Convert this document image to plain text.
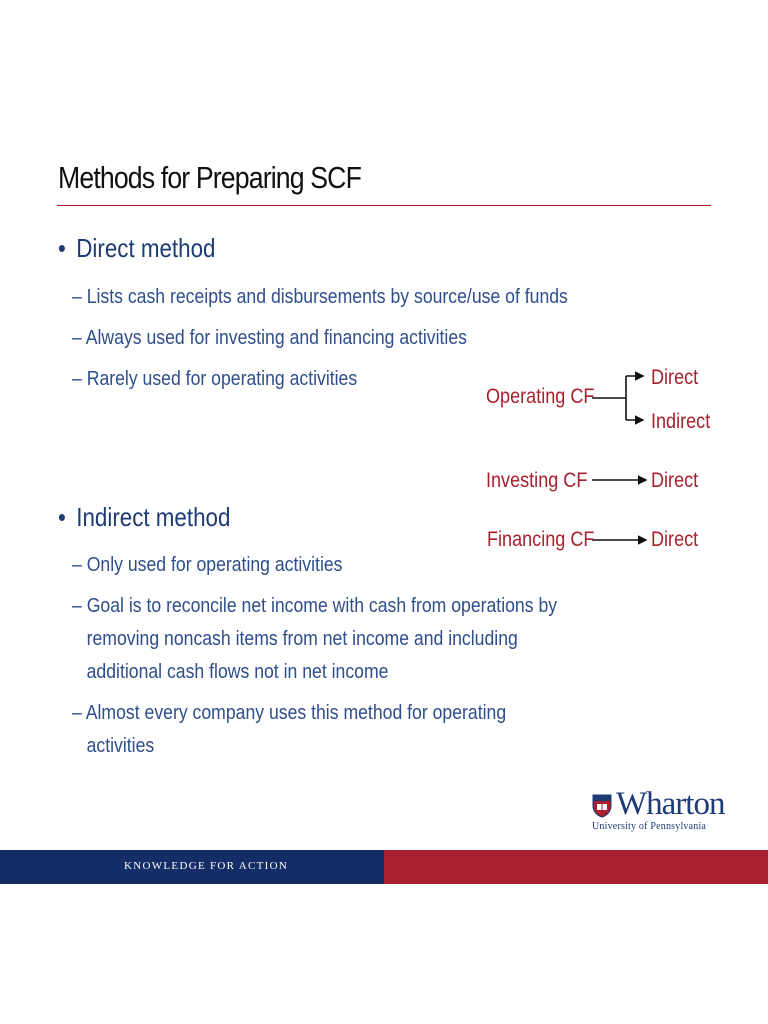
Methods for Preparing SCF
• Direct method
– Lists cash receipts and disbursements by source/use of funds
– Always used for investing and financing activities
– Rarely used for operating activities
• Indirect method
– Only used for operating activities
– Goal is to reconcile net income with cash from operations by
removing noncash items from net income and including
additional cash flows not in net income
– Almost every company uses this method for operating
activities
Operating CF
Direct
Indirect
Investing CF	Direct
Financing CF	Direct
Wharton
University of Pennsylvania
KNOWLEDGE FOR ACTION
